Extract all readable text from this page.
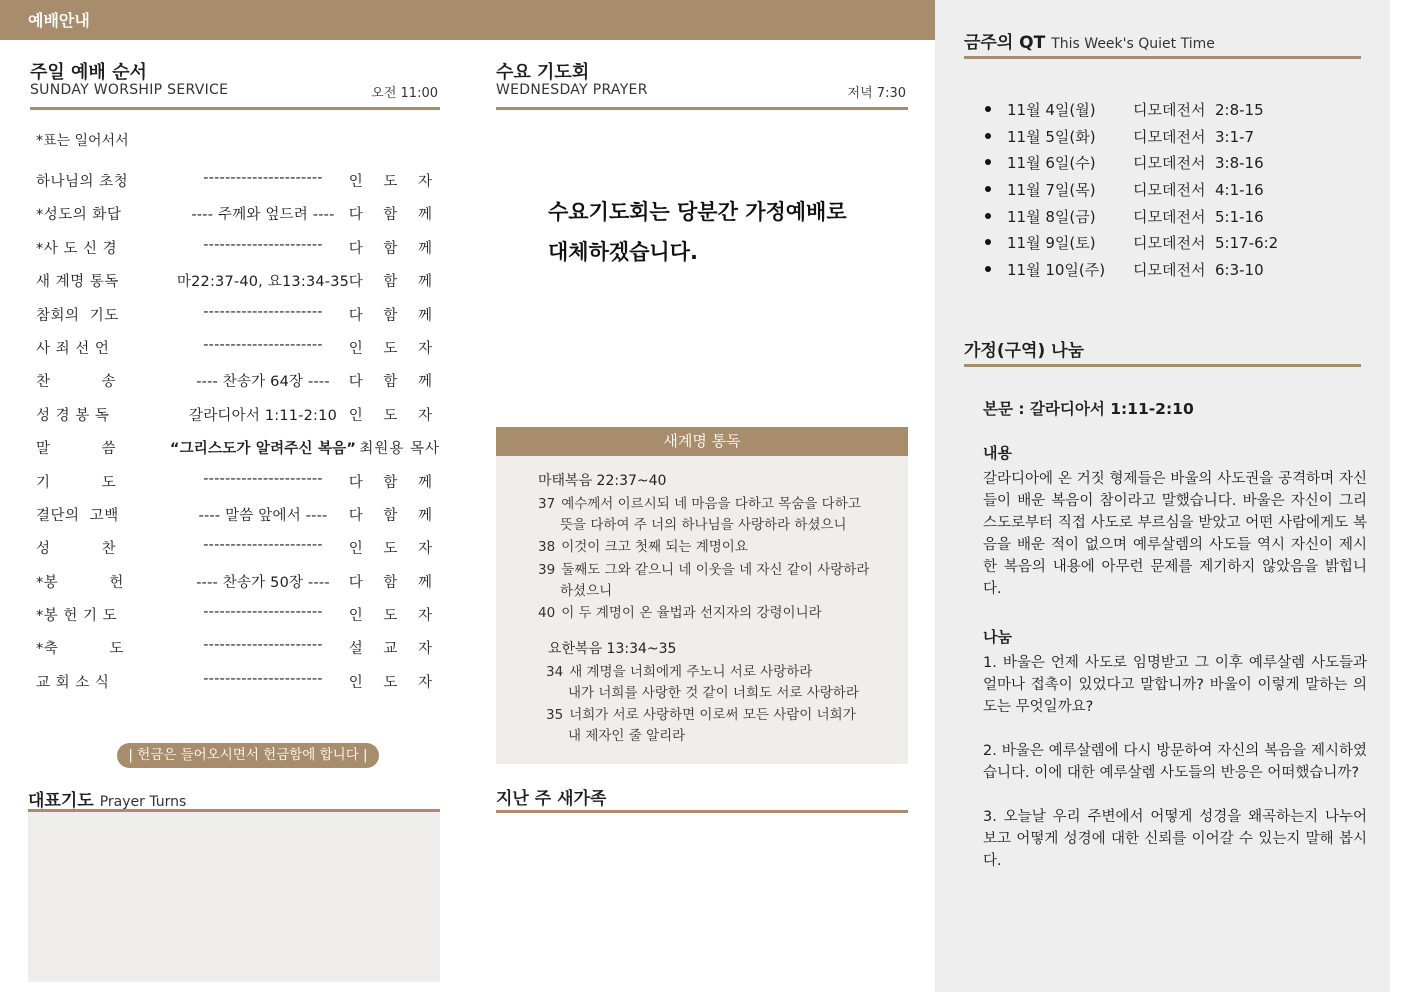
예배안내
주일 예배 순서
SUNDAY WORSHIP SERVICE	오전 11:00
*표는 일어서서
하나님의 초청	----------------------	인 도 자
*성도의 화답	---- 주께와 엎드려 ---- 다 함 께
*사 도 신 경	----------------------	다 함 께
새 계명 통독	마22:37-40, 요13:34-35 다 함 께
참회의  기도	----------------------	다 함 께
사 죄 선 언	----------------------	인 도 자
찬          송	---- 찬송가 64장 ----	다 함 께
성 경 봉 독	갈라디아서 1:11-2:10 인 도 자
말          씀	“그리스도가 알려주신 복음” 최원용 목사
기          도	----------------------	다 함 께
결단의  고백	---- 말씀 앞에서 ----	다 함 께
성          찬	----------------------	인 도 자
*봉          헌	---- 찬송가 50장 ----	다 함 께
*봉 헌 기 도	----------------------	인 도 자
*축          도	----------------------	설 교 자
교 회 소 식	----------------------	인 도 자
| 헌금은 들어오시면서 헌금함에 합니다 |
대표기도 Prayer Turns
수요 기도회
WEDNESDAY PRAYER	저녁 7:30
수요기도회는 당분간 가정예배로
대체하겠습니다.
새계명 통독
마태복음 22:37~40
37 예수께서 이르시되 네 마음을 다하고 목숨을 다하고
뜻을 다하여 주 너의 하나님을 사랑하라 하셨으니
38 이것이 크고 첫째 되는 계명이요
39 둘째도 그와 같으니 네 이웃을 네 자신 같이 사랑하라
하셨으니
40 이 두 계명이 온 율법과 선지자의 강령이니라
요한복음 13:34~35
34 새 계명을 너희에게 주노니 서로 사랑하라
내가 너희를 사랑한 것 같이 너희도 서로 사랑하라
35 너희가 서로 사랑하면 이로써 모든 사람이 너희가
내 제자인 줄 알리라
지난 주 새가족
금주의 QT This Week's Quiet Time
11월 4일(월) 디모데전서  2:8-15
11월 5일(화) 디모데전서  3:1-7
11월 6일(수) 디모데전서  3:8-16
11월 7일(목) 디모데전서  4:1-16
11월 8일(금) 디모데전서  5:1-16
11월 9일(토) 디모데전서  5:17-6:2
11월 10일(주) 디모데전서  6:3-10
가정(구역) 나눔
본문 : 갈라디아서 1:11-2:10
내용
갈라디아에 온 거짓 형제들은 바울의 사도권을 공격하며 자신들이 배운 복음이 참이라고 말했습니다. 바울은 자신이 그리스도로부터 직접 사도로 부르심을 받았고 어떤 사람에게도 복음을 배운 적이 없으며 예루살렘의 사도들 역시 자신이 제시한 복음의 내용에 아무런 문제를 제기하지 않았음을 밝힙니다.
나눔
1. 바울은 언제 사도로 임명받고 그 이후 예루살렘 사도들과 얼마나 접촉이 있었다고 말합니까? 바울이 이렇게 말하는 의도는 무엇일까요?
2. 바울은 예루살렘에 다시 방문하여 자신의 복음을 제시하였습니다. 이에 대한 예루살렘 사도들의 반응은 어떠했습니까?
3. 오늘날 우리 주변에서 어떻게 성경을 왜곡하는지 나누어 보고 어떻게 성경에 대한 신뢰를 이어갈 수 있는지 말해 봅시다.
